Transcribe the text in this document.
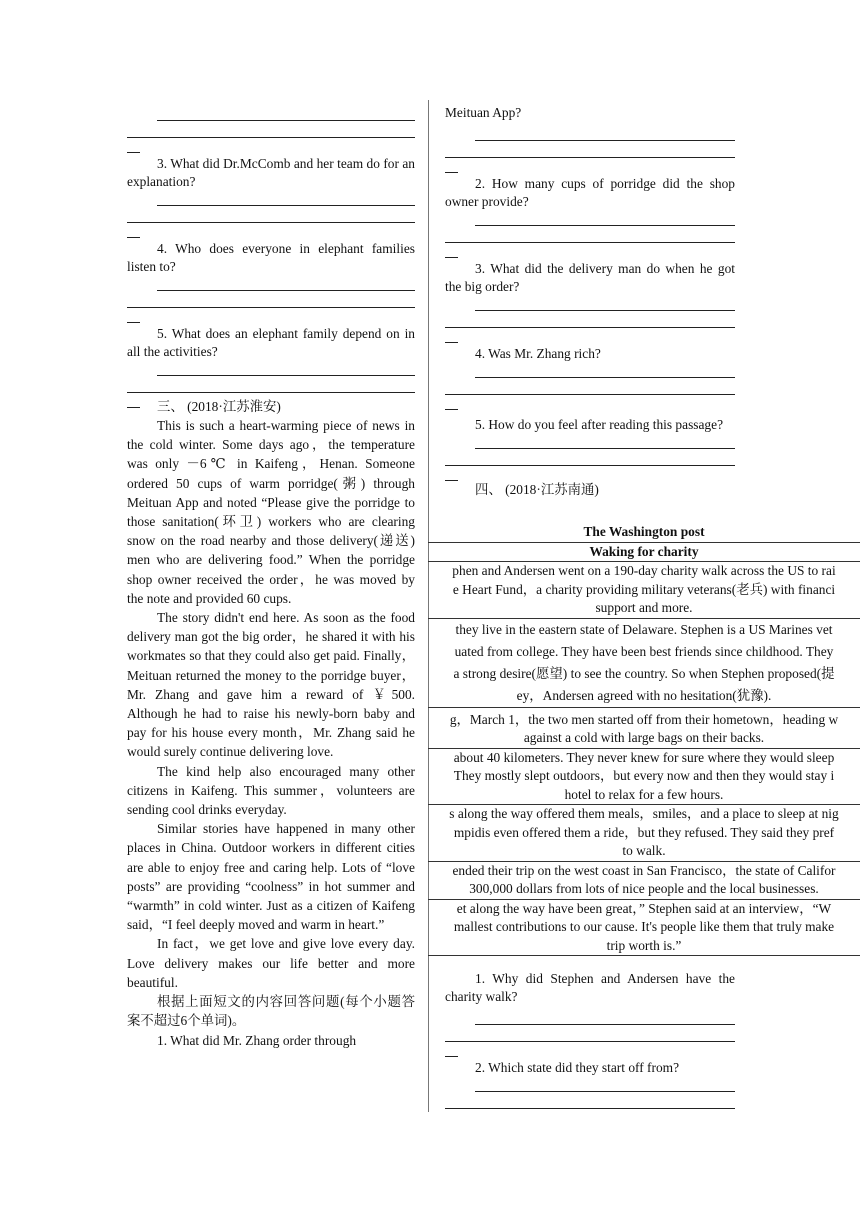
3. What did Dr.McComb and her team do for an explanation?

4. Who does everyone in elephant families listen to?

5. What does an elephant family depend on in all the activities?

三、 (2018·江苏淮安)

This is such a heart-warming piece of news in the cold winter. Some days ago，the temperature was only －6℃ in Kaifeng，Henan. Someone ordered 50 cups of warm porridge(粥) through Meituan App and noted “Please give the porridge to those sanitation(环卫) workers who are clearing snow on the road nearby and those delivery(递送) men who are delivering food.” When the porridge shop owner received the order，he was moved by the note and provided 60 cups.

The story didn't end here. As soon as the food delivery man got the big order，he shared it with his workmates so that they could also get paid. Finally，Meituan returned the money to the porridge buyer，Mr. Zhang and gave him a reward of ￥500. Although he had to raise his newly-born baby and pay for his house every month，Mr. Zhang said he would surely continue delivering love.

The kind help also encouraged many other citizens in Kaifeng. This summer，volunteers are sending cool drinks everyday.

Similar stories have happened in many other places in China. Outdoor workers in different cities are able to enjoy free and caring help. Lots of “love posts” are providing “coolness” in hot summer and “warmth” in cold winter. Just as a citizen of Kaifeng said，“I feel deeply moved and warm in heart.”

In fact，we get love and give love every day. Love delivery makes our life better and more beautiful.

根据上面短文的内容回答问题(每个小题答案不超过6个单词)。

1. What did Mr. Zhang order through

Meituan App?

2. How many cups of porridge did the shop owner provide?

3. What did the delivery man do when he got the big order?

4. Was Mr. Zhang rich?

5. How do you feel after reading this passage?

四、 (2018·江苏南通)

The Washington post
Waking for charity

phen and Andersen went on a 190-day charity walk across the US to rai
e Heart Fund，a charity providing military veterans(老兵) with financi
support and more.

they live in the eastern state of Delaware. Stephen is a US Marines vet
uated from college. They have been best friends since childhood. They
a strong desire(愿望) to see the country. So when Stephen proposed(提
ey，Andersen agreed with no hesitation(犹豫).

g，March 1，the two men started off from their hometown，heading w
against a cold with large bags on their backs.

about 40 kilometers. They never knew for sure where they would sleep
They mostly slept outdoors，but every now and then they would stay i
hotel to relax for a few hours.

s along the way offered them meals，smiles，and a place to sleep at nig
mpidis even offered them a ride，but they refused. They said they pref
to walk.

ended their trip on the west coast in San Francisco，the state of Califor
300,000 dollars from lots of nice people and the local businesses.

et along the way have been great，” Stephen said at an interview，“W
mallest contributions to our cause. It's people like them that truly make
trip worth is.”

1. Why did Stephen and Andersen have the charity walk?

2. Which state did they start off from?
